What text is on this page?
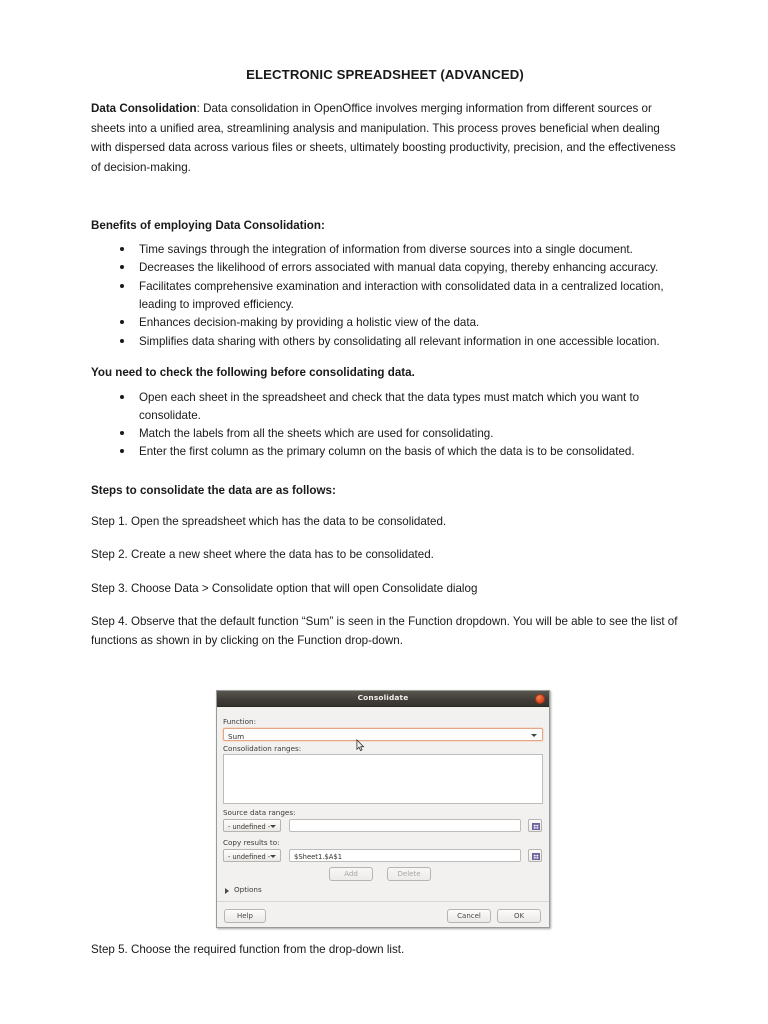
ELECTRONIC SPREADSHEET (ADVANCED)

Data Consolidation: Data consolidation in OpenOffice involves merging information from different sources or sheets into a unified area, streamlining analysis and manipulation. This process proves beneficial when dealing with dispersed data across various files or sheets, ultimately boosting productivity, precision, and the effectiveness of decision-making.

Benefits of employing Data Consolidation:
Time savings through the integration of information from diverse sources into a single document.
Decreases the likelihood of errors associated with manual data copying, thereby enhancing accuracy.
Facilitates comprehensive examination and interaction with consolidated data in a centralized location, leading to improved efficiency.
Enhances decision-making by providing a holistic view of the data.
Simplifies data sharing with others by consolidating all relevant information in one accessible location.
You need to check the following before consolidating data.
Open each sheet in the spreadsheet and check that the data types must match which you want to consolidate.
Match the labels from all the sheets which are used for consolidating.
Enter the first column as the primary column on the basis of which the data is to be consolidated.
Steps to consolidate the data are as follows:

Step 1. Open the spreadsheet which has the data to be consolidated.

Step 2. Create a new sheet where the data has to be consolidated.

Step 3. Choose Data > Consolidate option that will open Consolidate dialog

Step 4. Observe that the default function “Sum” is seen in the Function dropdown. You will be able to see the list of functions as shown in by clicking on the Function drop-down.

Consolidate
Function:
Sum
Consolidation ranges:
Source data ranges:
- undefined -
Copy results to:
- undefined -	$Sheet1.$A$1
Add	Delete
Options
Help	Cancel	OK

Step 5. Choose the required function from the drop-down list.
